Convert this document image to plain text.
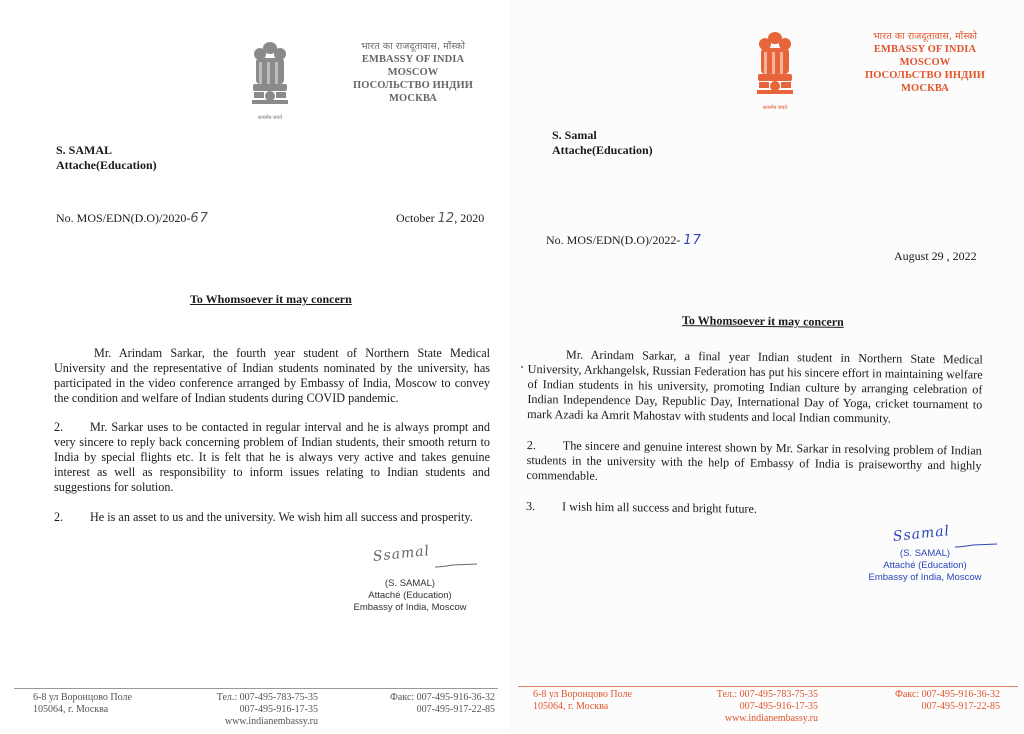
सत्यमेव जयते
भारत का राजदूतावास, मॉस्को
EMBASSY OF INDIA
MOSCOW
ПОСОЛЬСТВО ИНДИИ
МОСКВА
S. SAMAL
Attache(Education)
No. MOS/EDN(D.O)/2020-67	October 12, 2020
To Whomsoever it may concern

Mr. Arindam Sarkar, the fourth year student of Northern State Medical University and the representative of Indian students nominated by the university, has participated in the video conference arranged by Embassy of India, Moscow to convey the condition and welfare of Indian students during COVID pandemic.

2. Mr. Sarkar uses to be contacted in regular interval and he is always prompt and very sincere to reply back concerning problem of Indian students, their smooth return to India by special flights etc. It is felt that he is always very active and takes genuine interest as well as responsibility to inform issues relating to Indian students and suggestions for solution.

2. He is an asset to us and the university. We wish him all success and prosperity.

Ssamal
(S. SAMAL)
Attaché (Education)
Embassy of India, Moscow
6-8 ул Воронцово Поле
105064, г. Москва
Тел.: 007-495-783-75-35
007-495-916-17-35
www.indianembassy.ru
Факс: 007-495-916-36-32
007-495-917-22-85
सत्यमेव जयते
भारत का राजदूतावास, मॉस्को
EMBASSY OF INDIA
MOSCOW
ПОСОЛЬСТВО ИНДИИ
МОСКВА
S. Samal
Attache(Education)
No. MOS/EDN(D.O)/2022- 17
August 29 , 2022
To Whomsoever it may concern

Mr. Arindam Sarkar, a final year Indian student in Northern State Medical University, Arkhangelsk, Russian Federation has put his sincere effort in maintaining welfare of Indian students in his university, promoting Indian culture by arranging celebration of Indian Independence Day, Republic Day, International Day of Yoga, cricket tournament to mark Azadi ka Amrit Mahostav with students and local Indian community.

2. The sincere and genuine interest shown by Mr. Sarkar in resolving problem of Indian students in the university with the help of Embassy of India is praiseworthy and highly commendable.

3. I wish him all success and bright future.

Ssamal
(S. SAMAL)
Attaché (Education)
Embassy of India, Moscow
6-8 ул Воронцово Поле
105064, г. Москва
Тел.: 007-495-783-75-35
007-495-916-17-35
www.indianembassy.ru
Факс: 007-495-916-36-32
007-495-917-22-85
